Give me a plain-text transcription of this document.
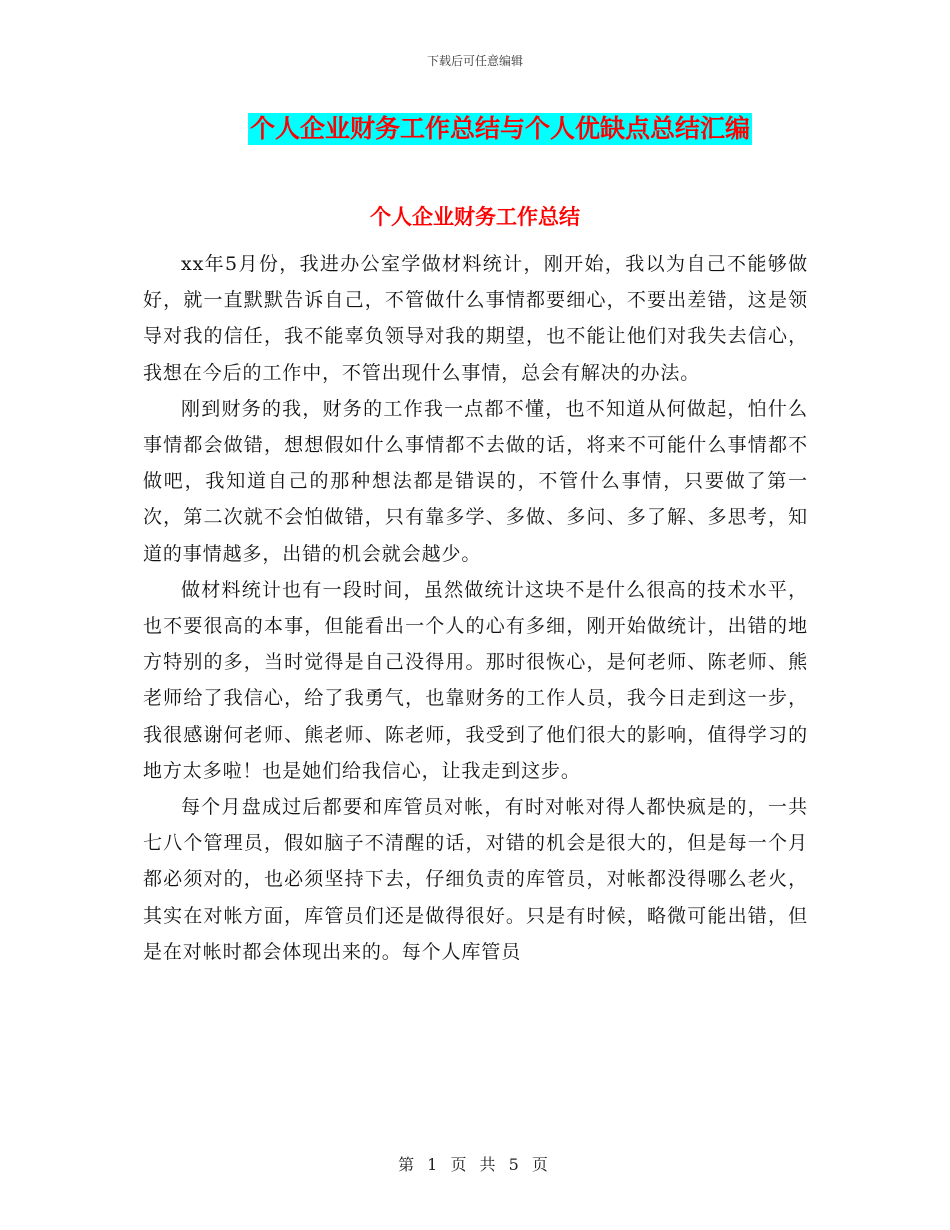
下载后可任意编辑
个人企业财务工作总结与个人优缺点总结汇编
个人企业财务工作总结

xx年5月份，我进办公室学做材料统计，刚开始，我以为自己不能够做好，就一直默默告诉自己，不管做什么事情都要细心，不要出差错，这是领导对我的信任，我不能辜负领导对我的期望，也不能让他们对我失去信心，我想在今后的工作中，不管出现什么事情，总会有解决的办法。

刚到财务的我，财务的工作我一点都不懂，也不知道从何做起，怕什么事情都会做错，想想假如什么事情都不去做的话，将来不可能什么事情都不做吧，我知道自己的那种想法都是错误的，不管什么事情，只要做了第一次，第二次就不会怕做错，只有靠多学、多做、多问、多了解、多思考，知道的事情越多，出错的机会就会越少。

做材料统计也有一段时间，虽然做统计这块不是什么很高的技术水平，也不要很高的本事，但能看出一个人的心有多细，刚开始做统计，出错的地方特别的多，当时觉得是自己没得用。那时很恢心，是何老师、陈老师、熊老师给了我信心，给了我勇气，也靠财务的工作人员，我今日走到这一步，我很感谢何老师、熊老师、陈老师，我受到了他们很大的影响，值得学习的地方太多啦！也是她们给我信心，让我走到这步。

每个月盘成过后都要和库管员对帐，有时对帐对得人都快疯是的，一共七八个管理员，假如脑子不清醒的话，对错的机会是很大的，但是每一个月都必须对的，也必须坚持下去，仔细负责的库管员，对帐都没得哪么老火，其实在对帐方面，库管员们还是做得很好。只是有时候，略微可能出错，但是在对帐时都会体现出来的。每个人库管员

第 1 页 共 5 页
